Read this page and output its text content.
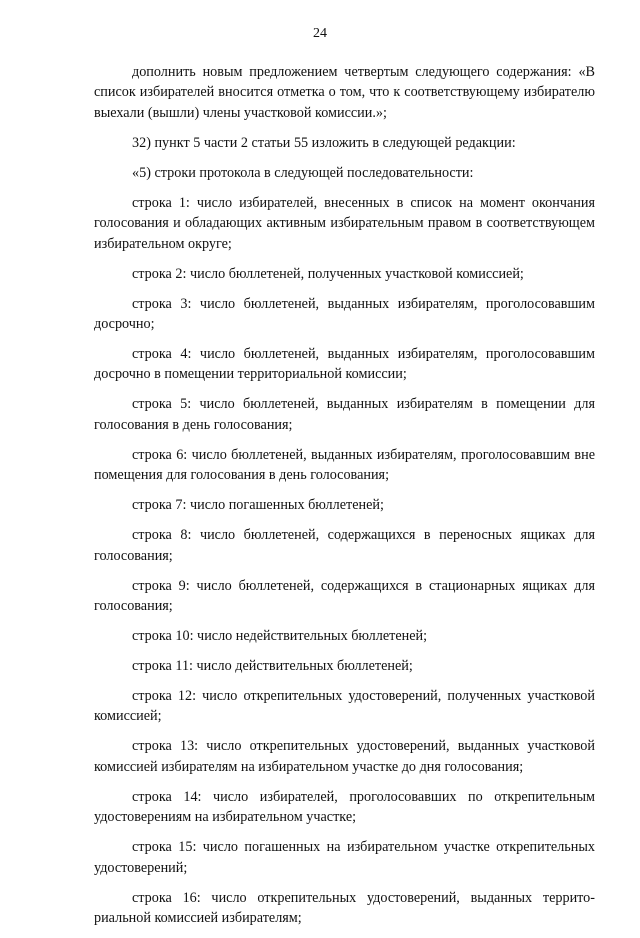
24

дополнить новым предложением четвертым следующего содержания: «В список избирателей вносится отметка о том, что к соответствующему избирателю выехали (вышли) члены участковой комиссии.»;

32) пункт 5 части 2 статьи 55 изложить в следующей редакции:

«5) строки протокола в следующей последовательности:

строка 1: число избирателей, внесенных в список на момент окончания голосования и обладающих активным избирательным правом в соответствующем избирательном округе;

строка 2: число бюллетеней, полученных участковой комиссией;

строка 3: число бюллетеней, выданных избирателям, проголосовавшим досрочно;

строка 4: число бюллетеней, выданных избирателям, проголосовавшим досрочно в помещении территориальной комиссии;

строка 5: число бюллетеней, выданных избирателям в помещении для голосования в день голосования;

строка 6: число бюллетеней, выданных избирателям, проголосовавшим вне помещения для голосования в день голосования;

строка 7: число погашенных бюллетеней;

строка 8: число бюллетеней, содержащихся в переносных ящиках для голосования;

строка 9: число бюллетеней, содержащихся в стационарных ящиках для голосования;

строка 10: число недействительных бюллетеней;

строка 11: число действительных бюллетеней;

строка 12: число открепительных удостоверений, полученных участковой комиссией;

строка 13: число открепительных удостоверений, выданных участковой комиссией избирателям на избирательном участке до дня голосования;

строка 14: число избирателей, проголосовавших по открепительным удостоверениям на избирательном участке;

строка 15: число погашенных на избирательном участке открепительных удостоверений;

строка 16: число открепительных удостоверений, выданных территориальной комиссией избирателям;
